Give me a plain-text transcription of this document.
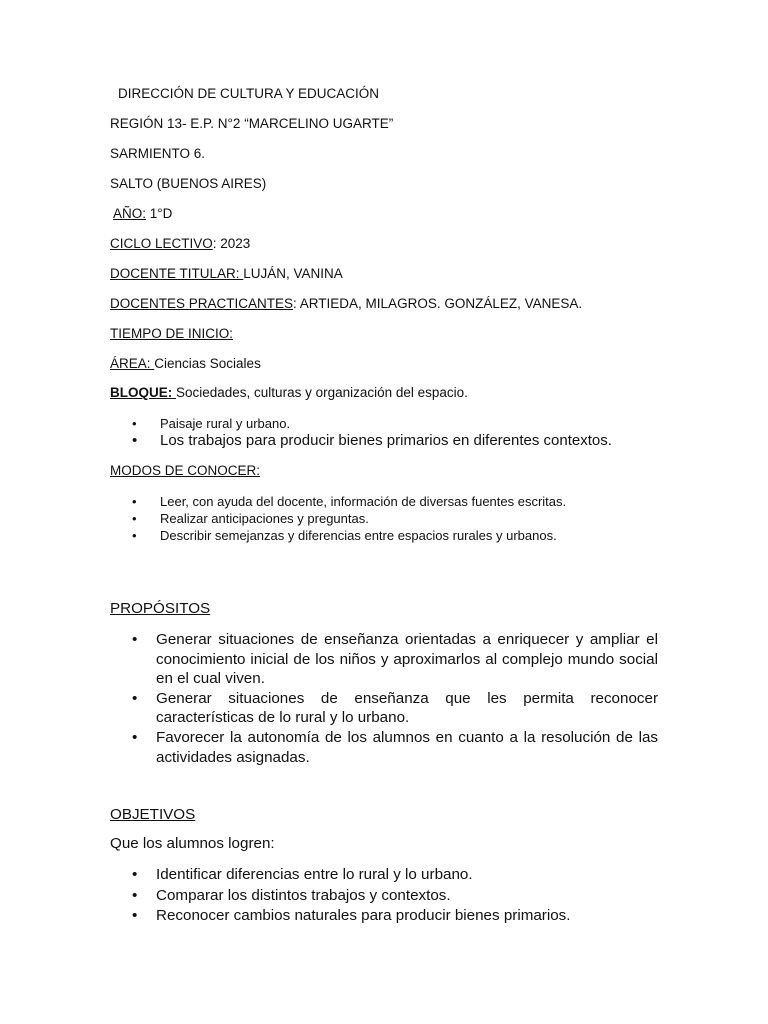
DIRECCIÓN DE CULTURA Y EDUCACIÓN
REGIÓN 13- E.P. N°2 “MARCELINO UGARTE”
SARMIENTO 6.
SALTO (BUENOS AIRES)
AÑO: 1°D
CICLO LECTIVO: 2023
DOCENTE TITULAR: LUJÁN, VANINA
DOCENTES PRACTICANTES: ARTIEDA, MILAGROS. GONZÁLEZ, VANESA.
TIEMPO DE INICIO:
ÁREA: Ciencias Sociales
BLOQUE: Sociedades, culturas y organización del espacio.
• Paisaje rural y urbano.
• Los trabajos para producir bienes primarios en diferentes contextos.
MODOS DE CONOCER:
• Leer, con ayuda del docente, información de diversas fuentes escritas.
• Realizar anticipaciones y preguntas.
• Describir semejanzas y diferencias entre espacios rurales y urbanos.
PROPÓSITOS
• Generar situaciones de enseñanza orientadas a enriquecer y ampliar el conocimiento inicial de los niños y aproximarlos al complejo mundo social en el cual viven.
• Generar situaciones de enseñanza que les permita reconocer características de lo rural y lo urbano.
• Favorecer la autonomía de los alumnos en cuanto a la resolución de las actividades asignadas.
OBJETIVOS
Que los alumnos logren:
• Identificar diferencias entre lo rural y lo urbano.
• Comparar los distintos trabajos y contextos.
• Reconocer cambios naturales para producir bienes primarios.
